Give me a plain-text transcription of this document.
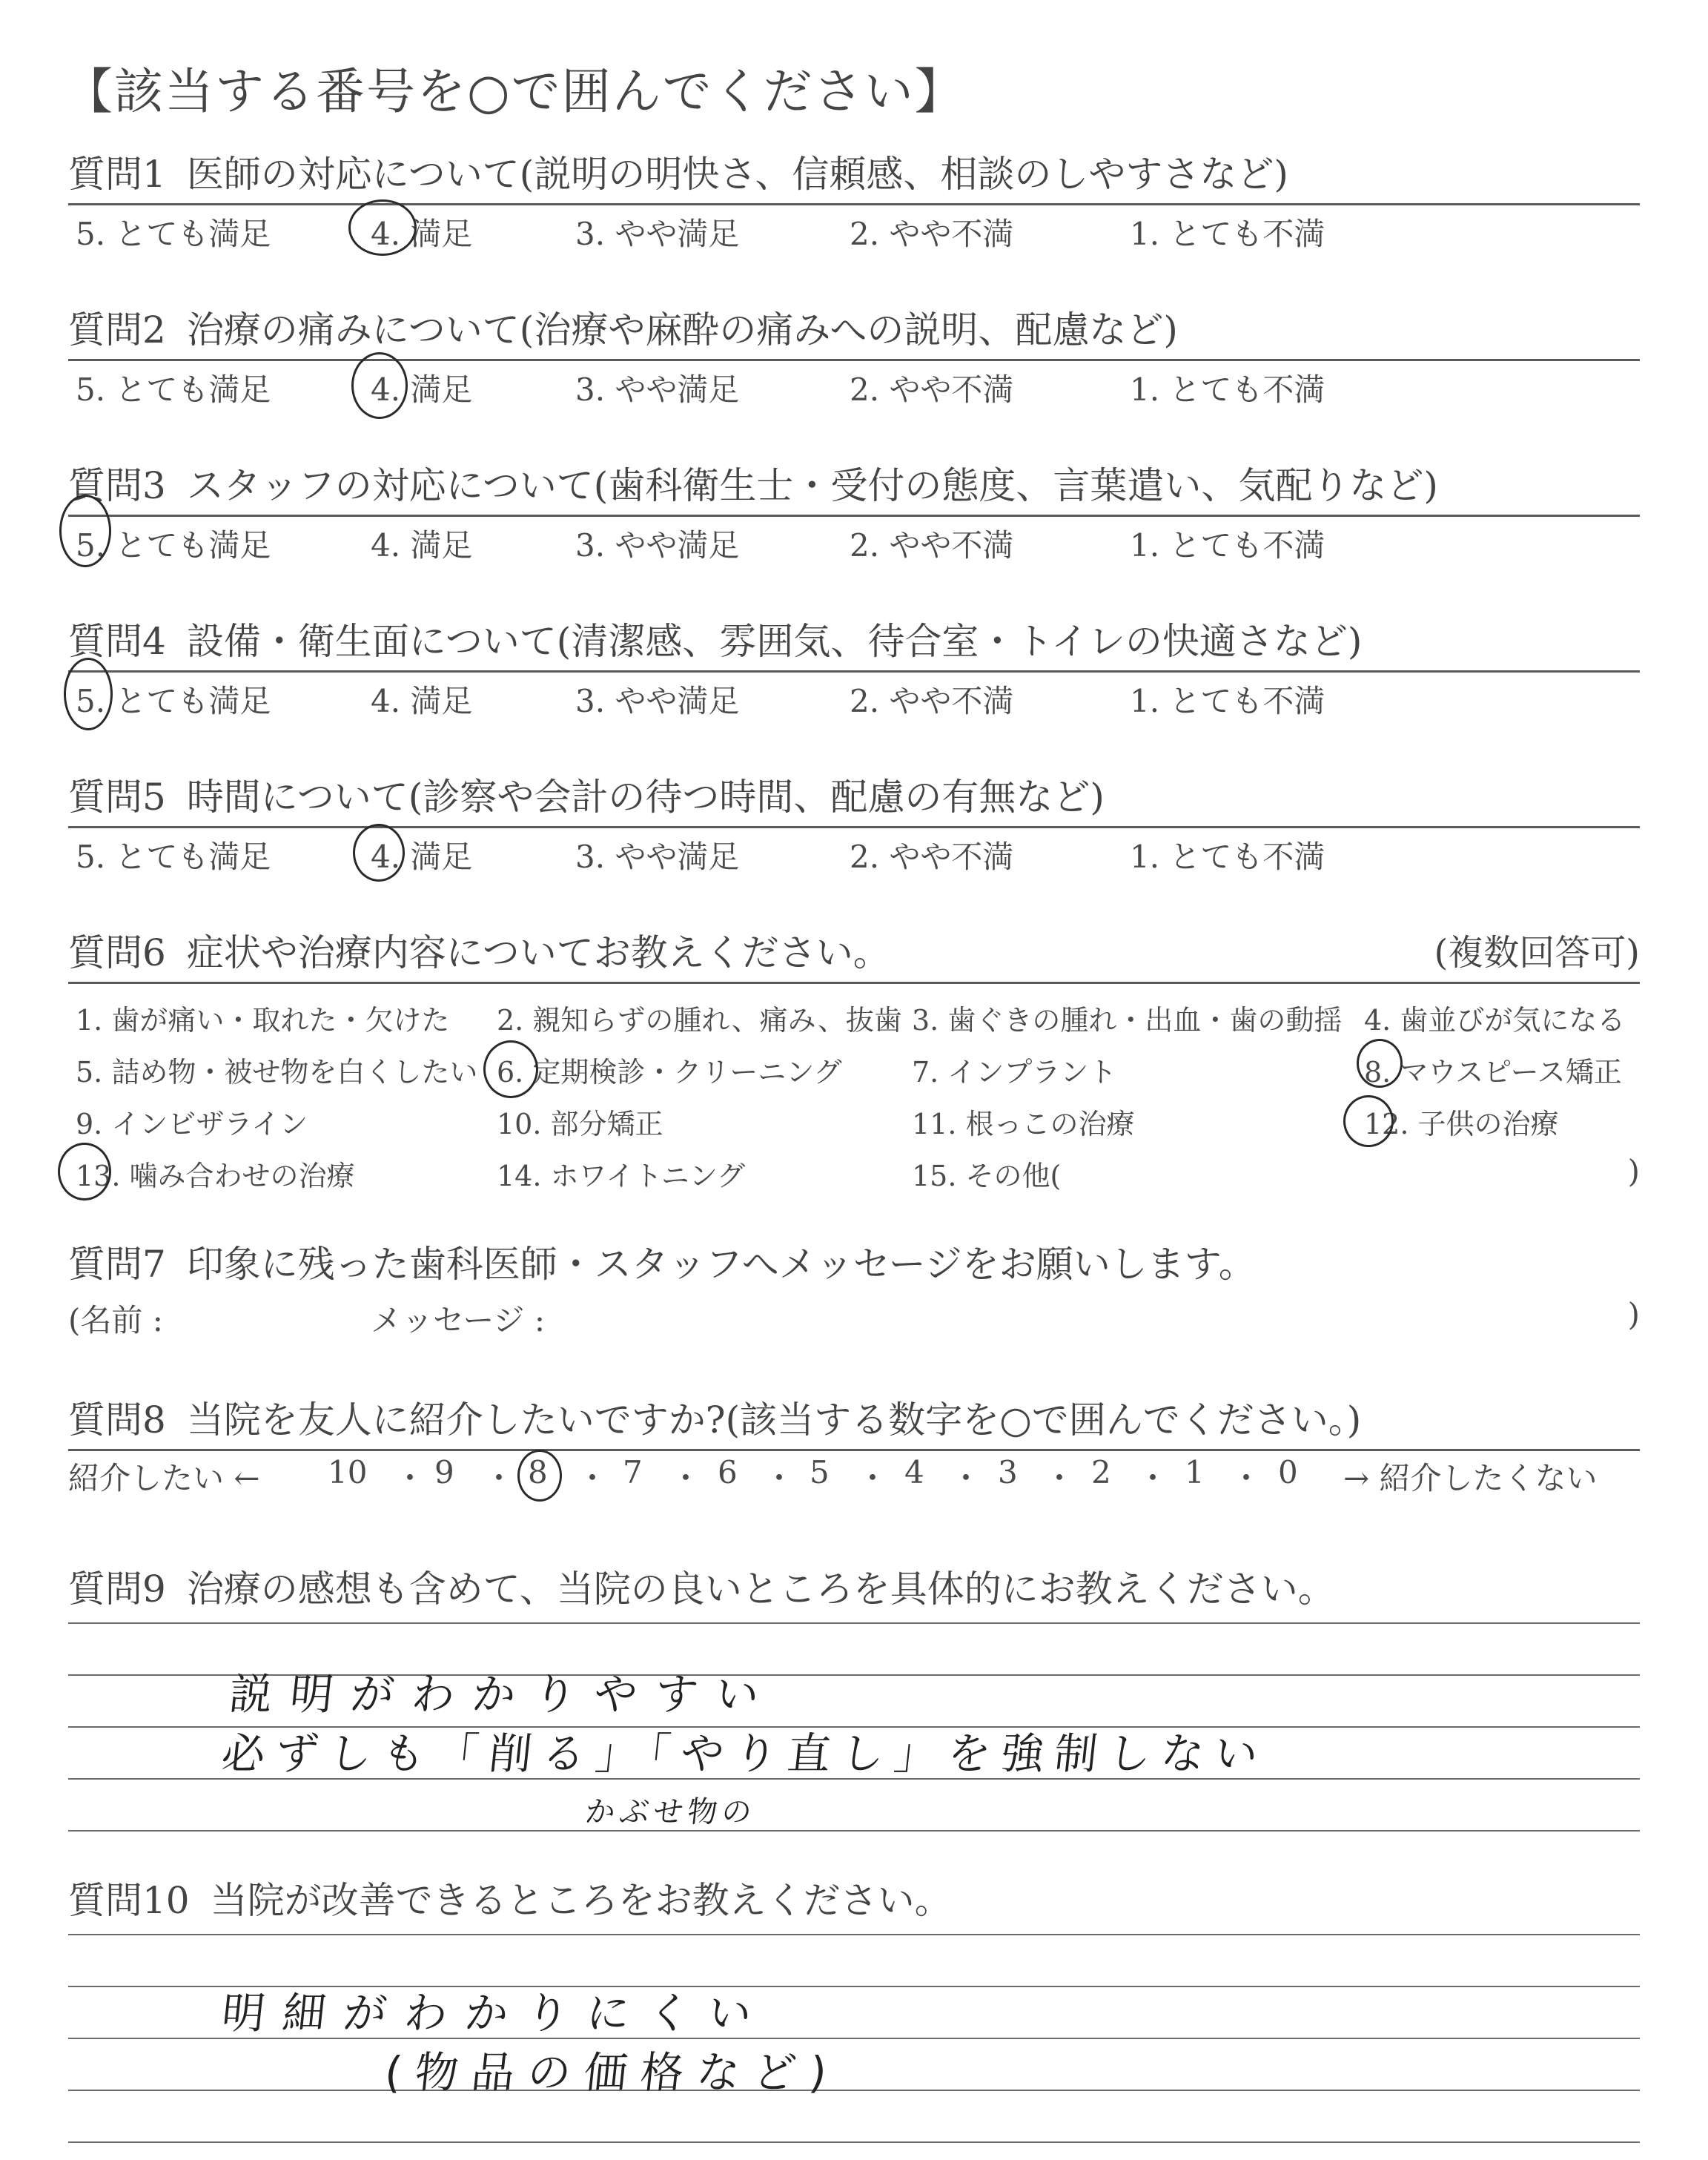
【該当する番号を○で囲んでください】
質問1 医師の対応について(説明の明快さ、信頼感、相談のしやすさなど)
5. とても満足	4. 満足	3. やや満足	2. やや不満	1. とても不満
質問2 治療の痛みについて(治療や麻酔の痛みへの説明、配慮など)
5. とても満足	4. 満足	3. やや満足	2. やや不満	1. とても不満
質問3 スタッフの対応について(歯科衛生士・受付の態度、言葉遣い、気配りなど)
5. とても満足	4. 満足	3. やや満足	2. やや不満	1. とても不満
質問4 設備・衛生面について(清潔感、雰囲気、待合室・トイレの快適さなど)
5. とても満足	4. 満足	3. やや満足	2. やや不満	1. とても不満
質問5 時間について(診察や会計の待つ時間、配慮の有無など)
5. とても満足	4. 満足	3. やや満足	2. やや不満	1. とても不満
質問6 症状や治療内容についてお教えください。	(複数回答可)
1. 歯が痛い・取れた・欠けた 2. 親知らずの腫れ、痛み、抜歯 3. 歯ぐきの腫れ・出血・歯の動揺 4. 歯並びが気になる
5. 詰め物・被せ物を白くしたい 6. 定期検診・クリーニング 7. インプラント	8. マウスピース矯正
9. インビザライン	10. 部分矯正	11. 根っこの治療	12. 子供の治療
13. 噛み合わせの治療	14. ホワイトニング	15. その他(	)
質問7 印象に残った歯科医師・スタッフへメッセージをお願いします。
(名前 :	メッセージ :	)
質問8 当院を友人に紹介したいですか?(該当する数字を○で囲んでください。)
紹介したい ← 10 ・ 9 ・ 8 ・ 7 ・ 6 ・ 5 ・ 4 ・ 3 ・ 2 ・ 1 ・ 0 → 紹介したくない
質問9 治療の感想も含めて、当院の良いところを具体的にお教えください。
説明がわかりやすい
必ずしも「削る」「やり直し」を強制しない
かぶせ物の
質問10 当院が改善できるところをお教えください。
明細がわかりにくい
(物品の価格など)
